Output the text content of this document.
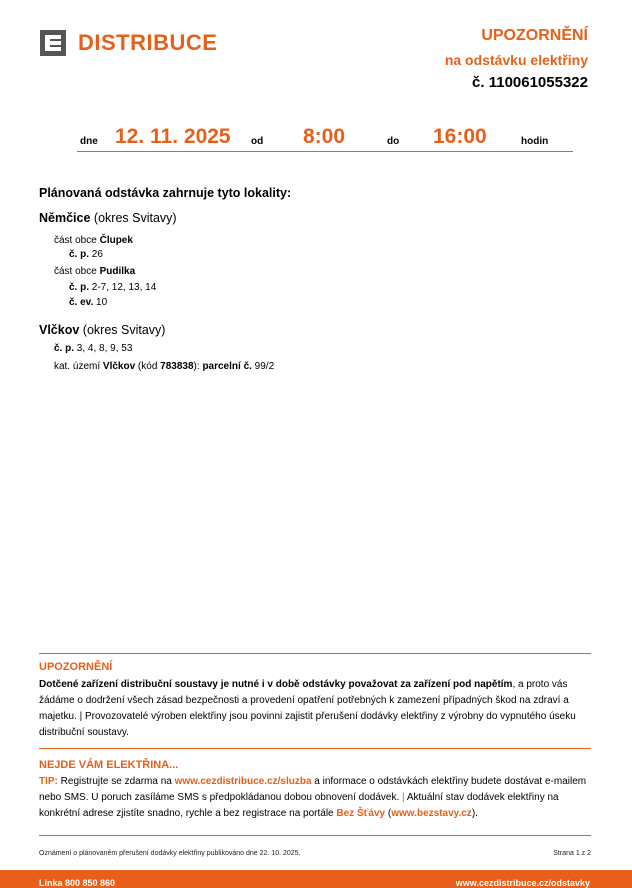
DISTRIBUCE	UPOZORNĚNÍ
na odstávku elektřiny
č. 110061055322
dne 12. 11. 2025 od 8:00	do 16:00	hodin
Plánovaná odstávka zahrnuje tyto lokality:
Němčice (okres Svitavy)
část obce Člupek
č. p. 26
část obce Pudilka
č. p. 2-7, 12, 13, 14
č. ev. 10
Vlčkov (okres Svitavy)
č. p. 3, 4, 8, 9, 53
kat. území Vlčkov (kód 783838): parcelní č. 99/2
UPOZORNĚNÍ
Dotčené zařízení distribuční soustavy je nutné i v době odstávky považovat za zařízení pod napětím, a proto vás žádáme o dodržení všech zásad bezpečnosti a provedení opatření potřebných k zamezení případných škod na zdraví a majetku. | Provozovatelé výroben elektřiny jsou povinni zajistit přerušení dodávky elektřiny z výrobny do vypnutého úseku distribuční soustavy.
NEJDE VÁM ELEKTŘINA...
TIP: Registrujte se zdarma na www.cezdistribuce.cz/sluzba a informace o odstávkách elektřiny budete dostávat e-mailem nebo SMS. U poruch zasíláme SMS s předpokládanou dobou obnovení dodávek. | Aktuální stav dodávek elektřiny na konkrétní adrese zjistíte snadno, rychle a bez registrace na portále Bez Šťávy (www.bezstavy.cz).
Oznámení o plánovaném přerušení dodávky elektřiny publikováno dne 22. 10. 2025.	Strana 1 z 2
Linka 800 850 860	www.cezdistribuce.cz/odstavky
